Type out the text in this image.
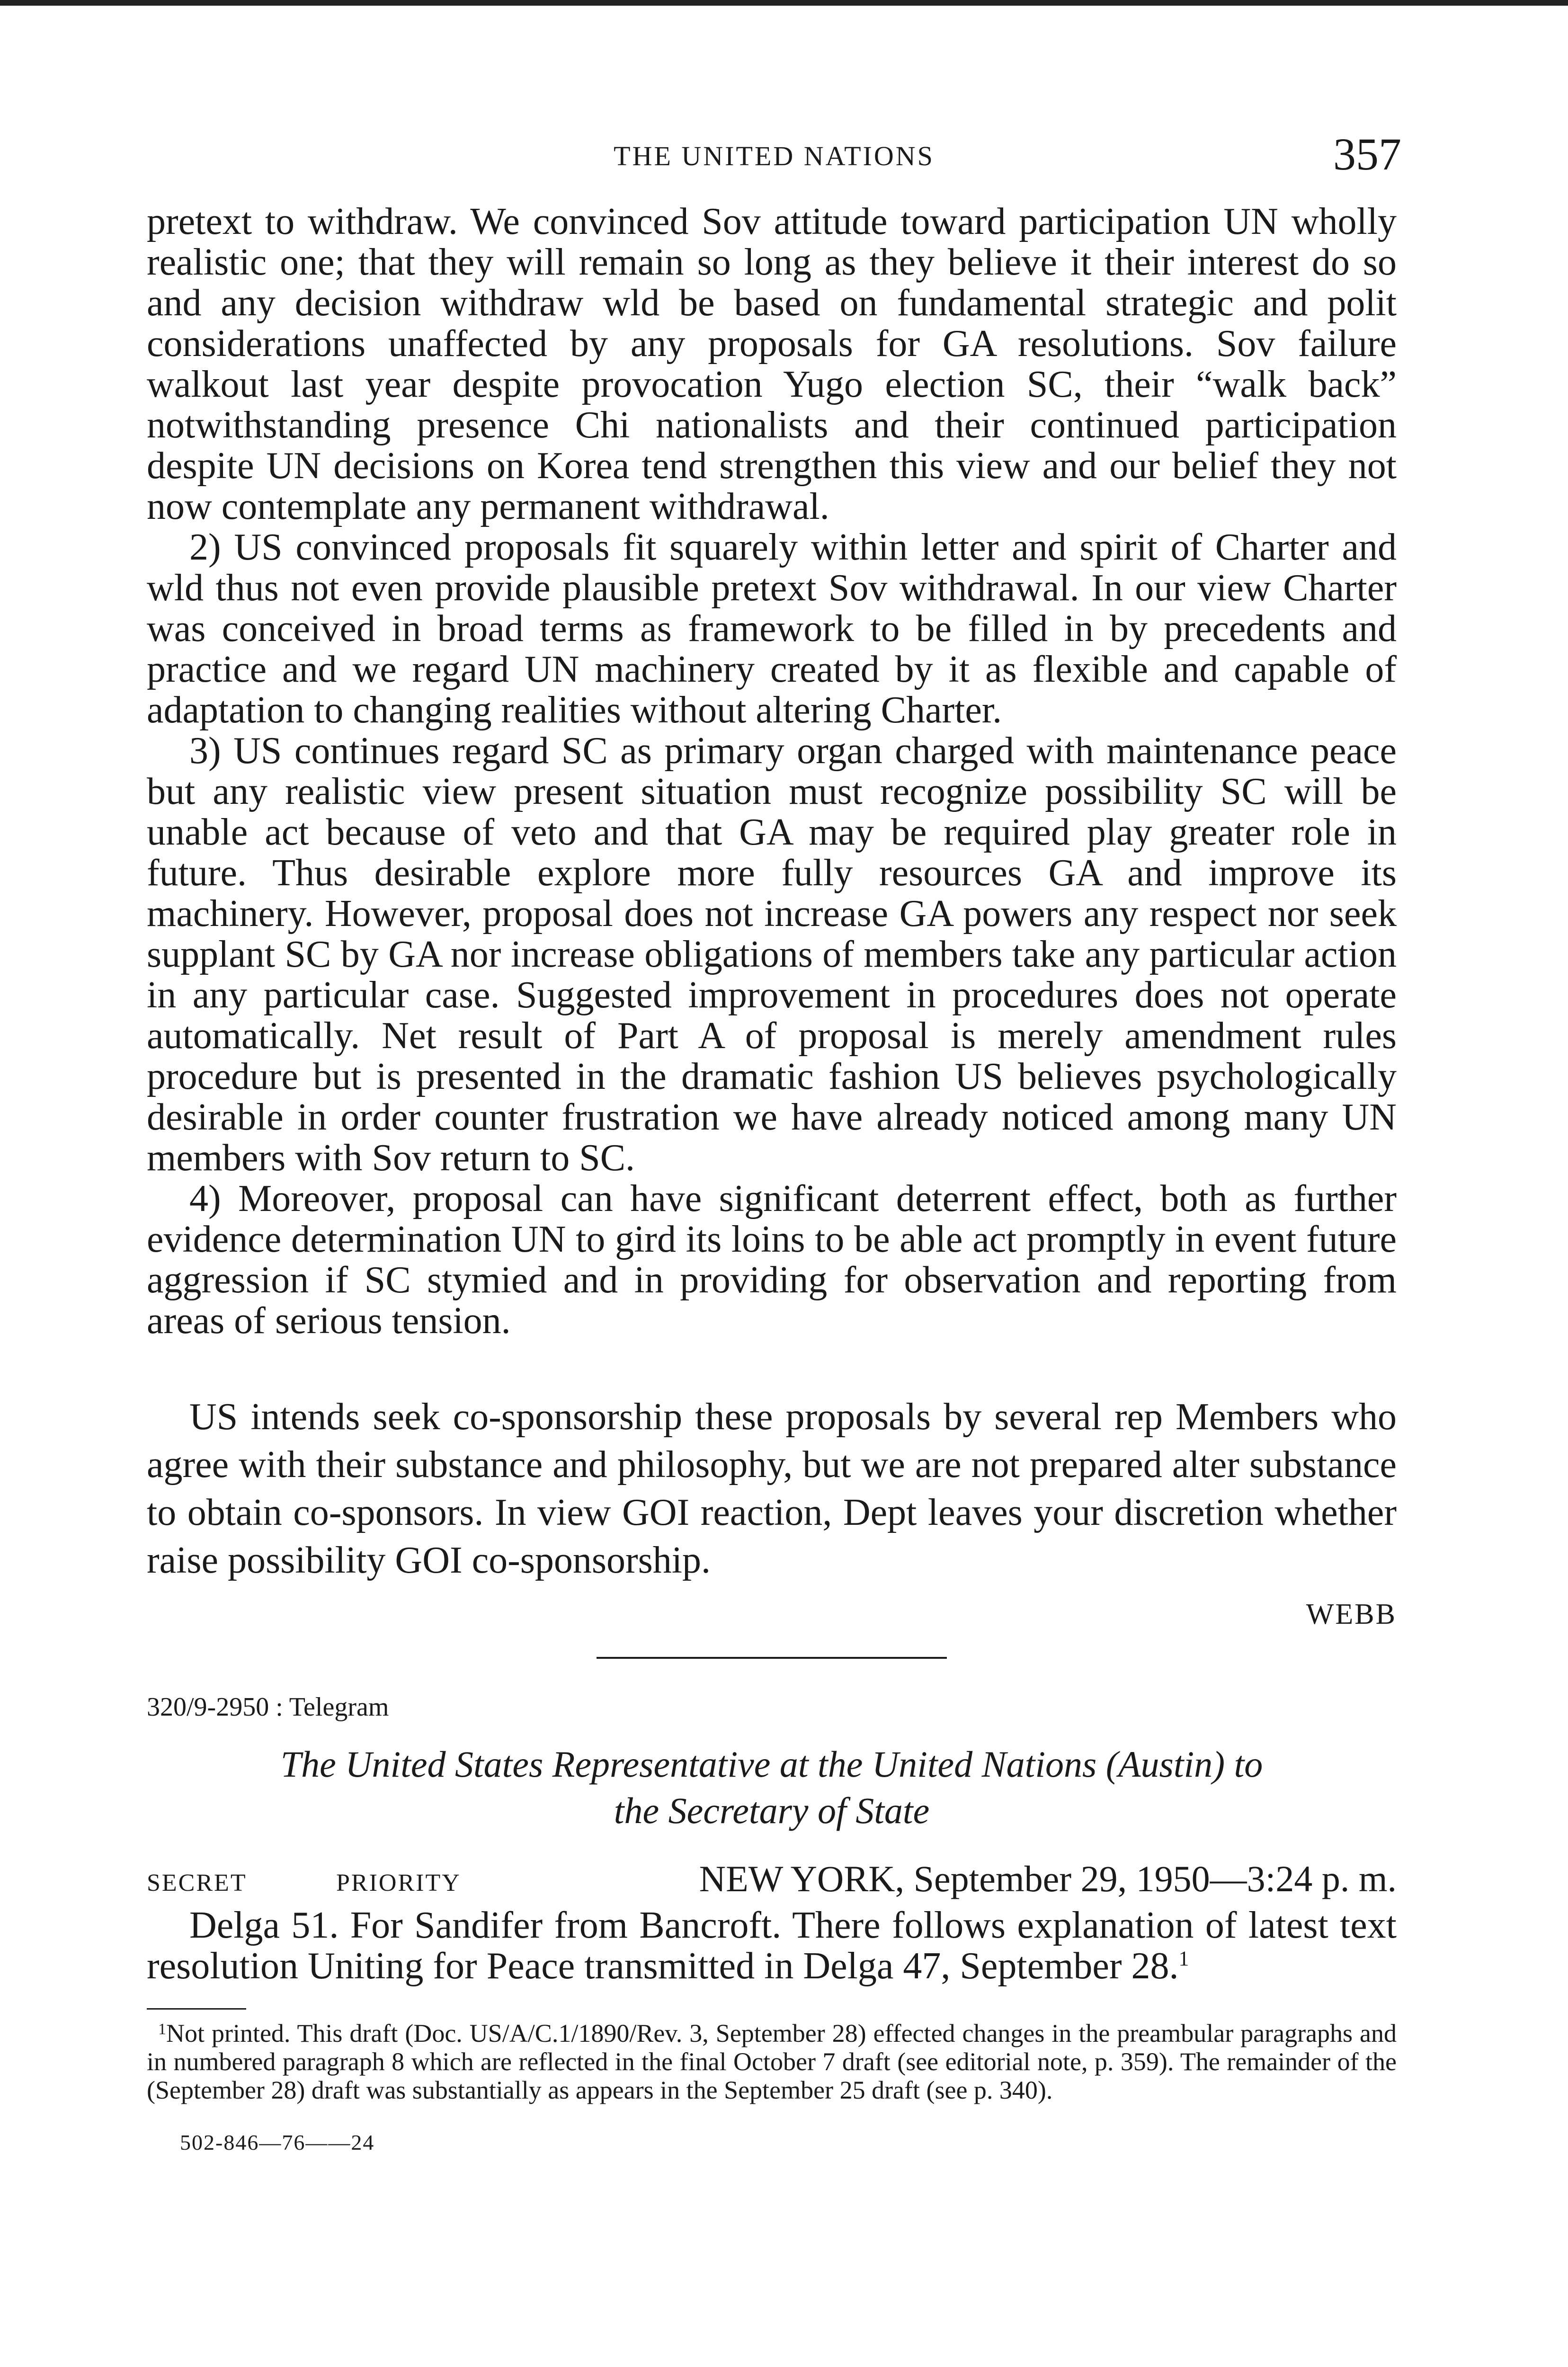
THE UNITED NATIONS	357

pretext to withdraw. We convinced Sov attitude toward participation UN wholly realistic one; that they will remain so long as they believe it their interest do so and any decision withdraw wld be based on fundamental strategic and polit considerations unaffected by any proposals for GA resolutions. Sov failure walkout last year despite provocation Yugo election SC, their “walk back” notwithstanding presence Chi nationalists and their continued participation despite UN decisions on Korea tend strengthen this view and our belief they not now contemplate any permanent withdrawal.

2) US convinced proposals fit squarely within letter and spirit of Charter and wld thus not even provide plausible pretext Sov withdrawal. In our view Charter was conceived in broad terms as framework to be filled in by precedents and practice and we regard UN machinery created by it as flexible and capable of adaptation to changing realities without altering Charter.

3) US continues regard SC as primary organ charged with maintenance peace but any realistic view present situation must recognize possibility SC will be unable act because of veto and that GA may be required play greater role in future. Thus desirable explore more fully resources GA and improve its machinery. However, proposal does not increase GA powers any respect nor seek supplant SC by GA nor increase obligations of members take any particular action in any particular case. Suggested improvement in procedures does not operate automatically. Net result of Part A of proposal is merely amendment rules procedure but is presented in the dramatic fashion US believes psychologically desirable in order counter frustration we have already noticed among many UN members with Sov return to SC.

4) Moreover, proposal can have significant deterrent effect, both as further evidence determination UN to gird its loins to be able act promptly in event future aggression if SC stymied and in providing for observation and reporting from areas of serious tension.

US intends seek co-sponsorship these proposals by several rep Members who agree with their substance and philosophy, but we are not prepared alter substance to obtain co-sponsors. In view GOI reaction, Dept leaves your discretion whether raise possibility GOI co-sponsorship.

WEBB
320/9-2950 : Telegram
The United States Representative at the United Nations (Austin) to
the Secretary of State
SECRET	PRIORITY	NEW YORK, September 29, 1950—3:24 p. m.

Delga 51. For Sandifer from Bancroft. There follows explanation of latest text resolution Uniting for Peace transmitted in Delga 47, September 28.$^1$

$^1$Not printed. This draft (Doc. US/A/C.1/1890/Rev. 3, September 28) effected changes in the preambular paragraphs and in numbered paragraph 8 which are reflected in the final October 7 draft (see editorial note, p. 359). The remainder of the (September 28) draft was substantially as appears in the September 25 draft (see p. 340).

502-846—76——24
